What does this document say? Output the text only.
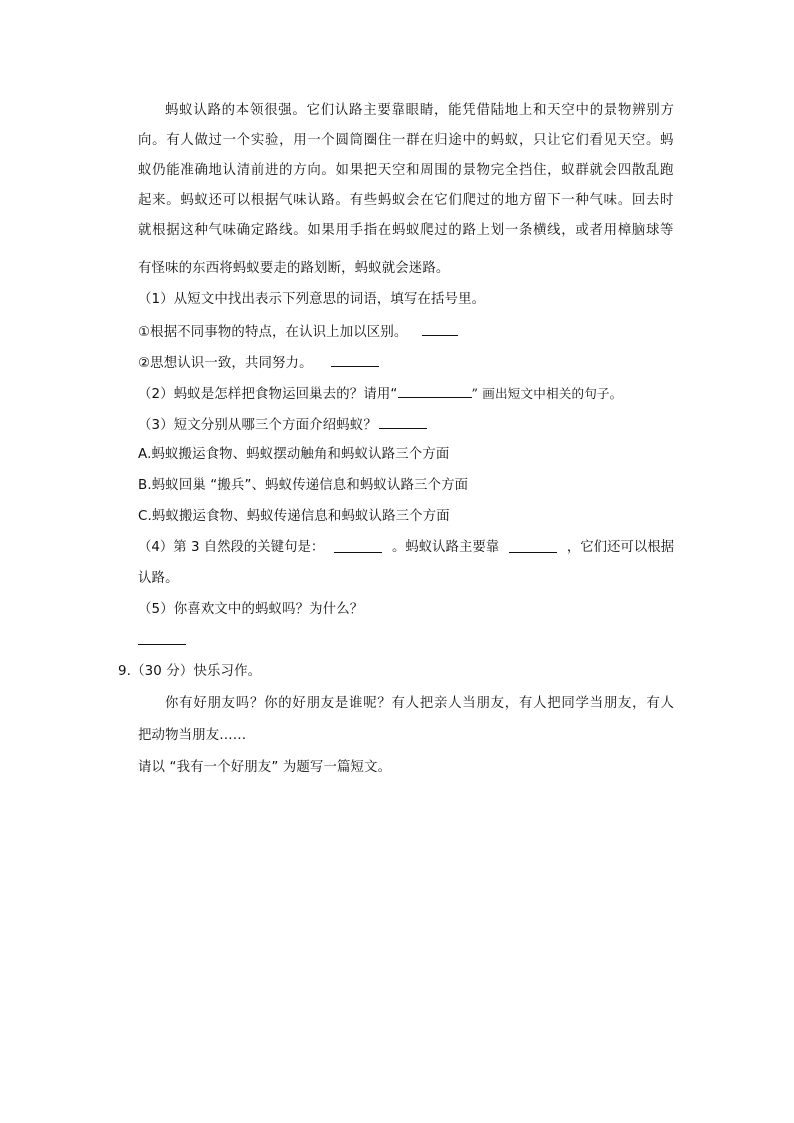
蚂 蚁 认 路 的 本 领 很 强 。 它 们 认 路 主 要 靠 眼 睛 ， 能 凭 借 陆 地 上 和 天 空 中 的 景 物 辨 别 方
向 。 有 人 做 过 一 个 实 验 ， 用 一 个 圆 筒 圈 住 一 群 在 归 途 中 的 蚂 蚁 ， 只 让 它 们 看 见 天 空 。 蚂
蚁 仍 能 准 确 地 认 清 前 进 的 方 向 。 如 果 把 天 空 和 周 围 的 景 物 完 全 挡 住 ， 蚁 群 就 会 四 散 乱 跑
起 来 。 蚂 蚁 还 可 以 根 据 气 味 认 路 。 有 些 蚂 蚁 会 在 它 们 爬 过 的 地 方 留 下 一 种 气 味 。 回 去 时
就 根 据 这 种 气 味 确 定 路 线 。 如 果 用 手 指 在 蚂 蚁 爬 过 的 路 上 划 一 条 横 线 ， 或 者 用 樟 脑 球 等
有怪味的东西将蚂蚁要走的路划断，蚂蚁就会迷路。
（1）从短文中找出表示下列意思的词语，填写在括号里。
①根据不同事物的特点，在认识上加以区别。
②思想认识一致，共同努力。
（2）蚂蚁是怎样把食物运回巢去的？请用“	” 画出短文中相关的句子。
（3）短文分别从哪三个方面介绍蚂蚁？
A.蚂蚁搬运食物、蚂蚁摆动触角和蚂蚁认路三个方面
B.蚂蚁回巢 “搬兵”、蚂蚁传递信息和蚂蚁认路三个方面
C.蚂蚁搬运食物、蚂蚁传递信息和蚂蚁认路三个方面
（4）第 3 自然段的关键句是：	。蚂蚁认路主要靠	，它们还可以根据
认路。
（5）你喜欢文中的蚂蚁吗？为什么？
9.（30 分）快乐习作。
你 有 好 朋 友 吗 ？ 你 的 好 朋 友 是 谁 呢 ？ 有 人 把 亲 人 当 朋 友 ， 有 人 把 同 学 当 朋 友 ， 有 人
把动物当朋友……
请以 “我有一个好朋友” 为题写一篇短文。
